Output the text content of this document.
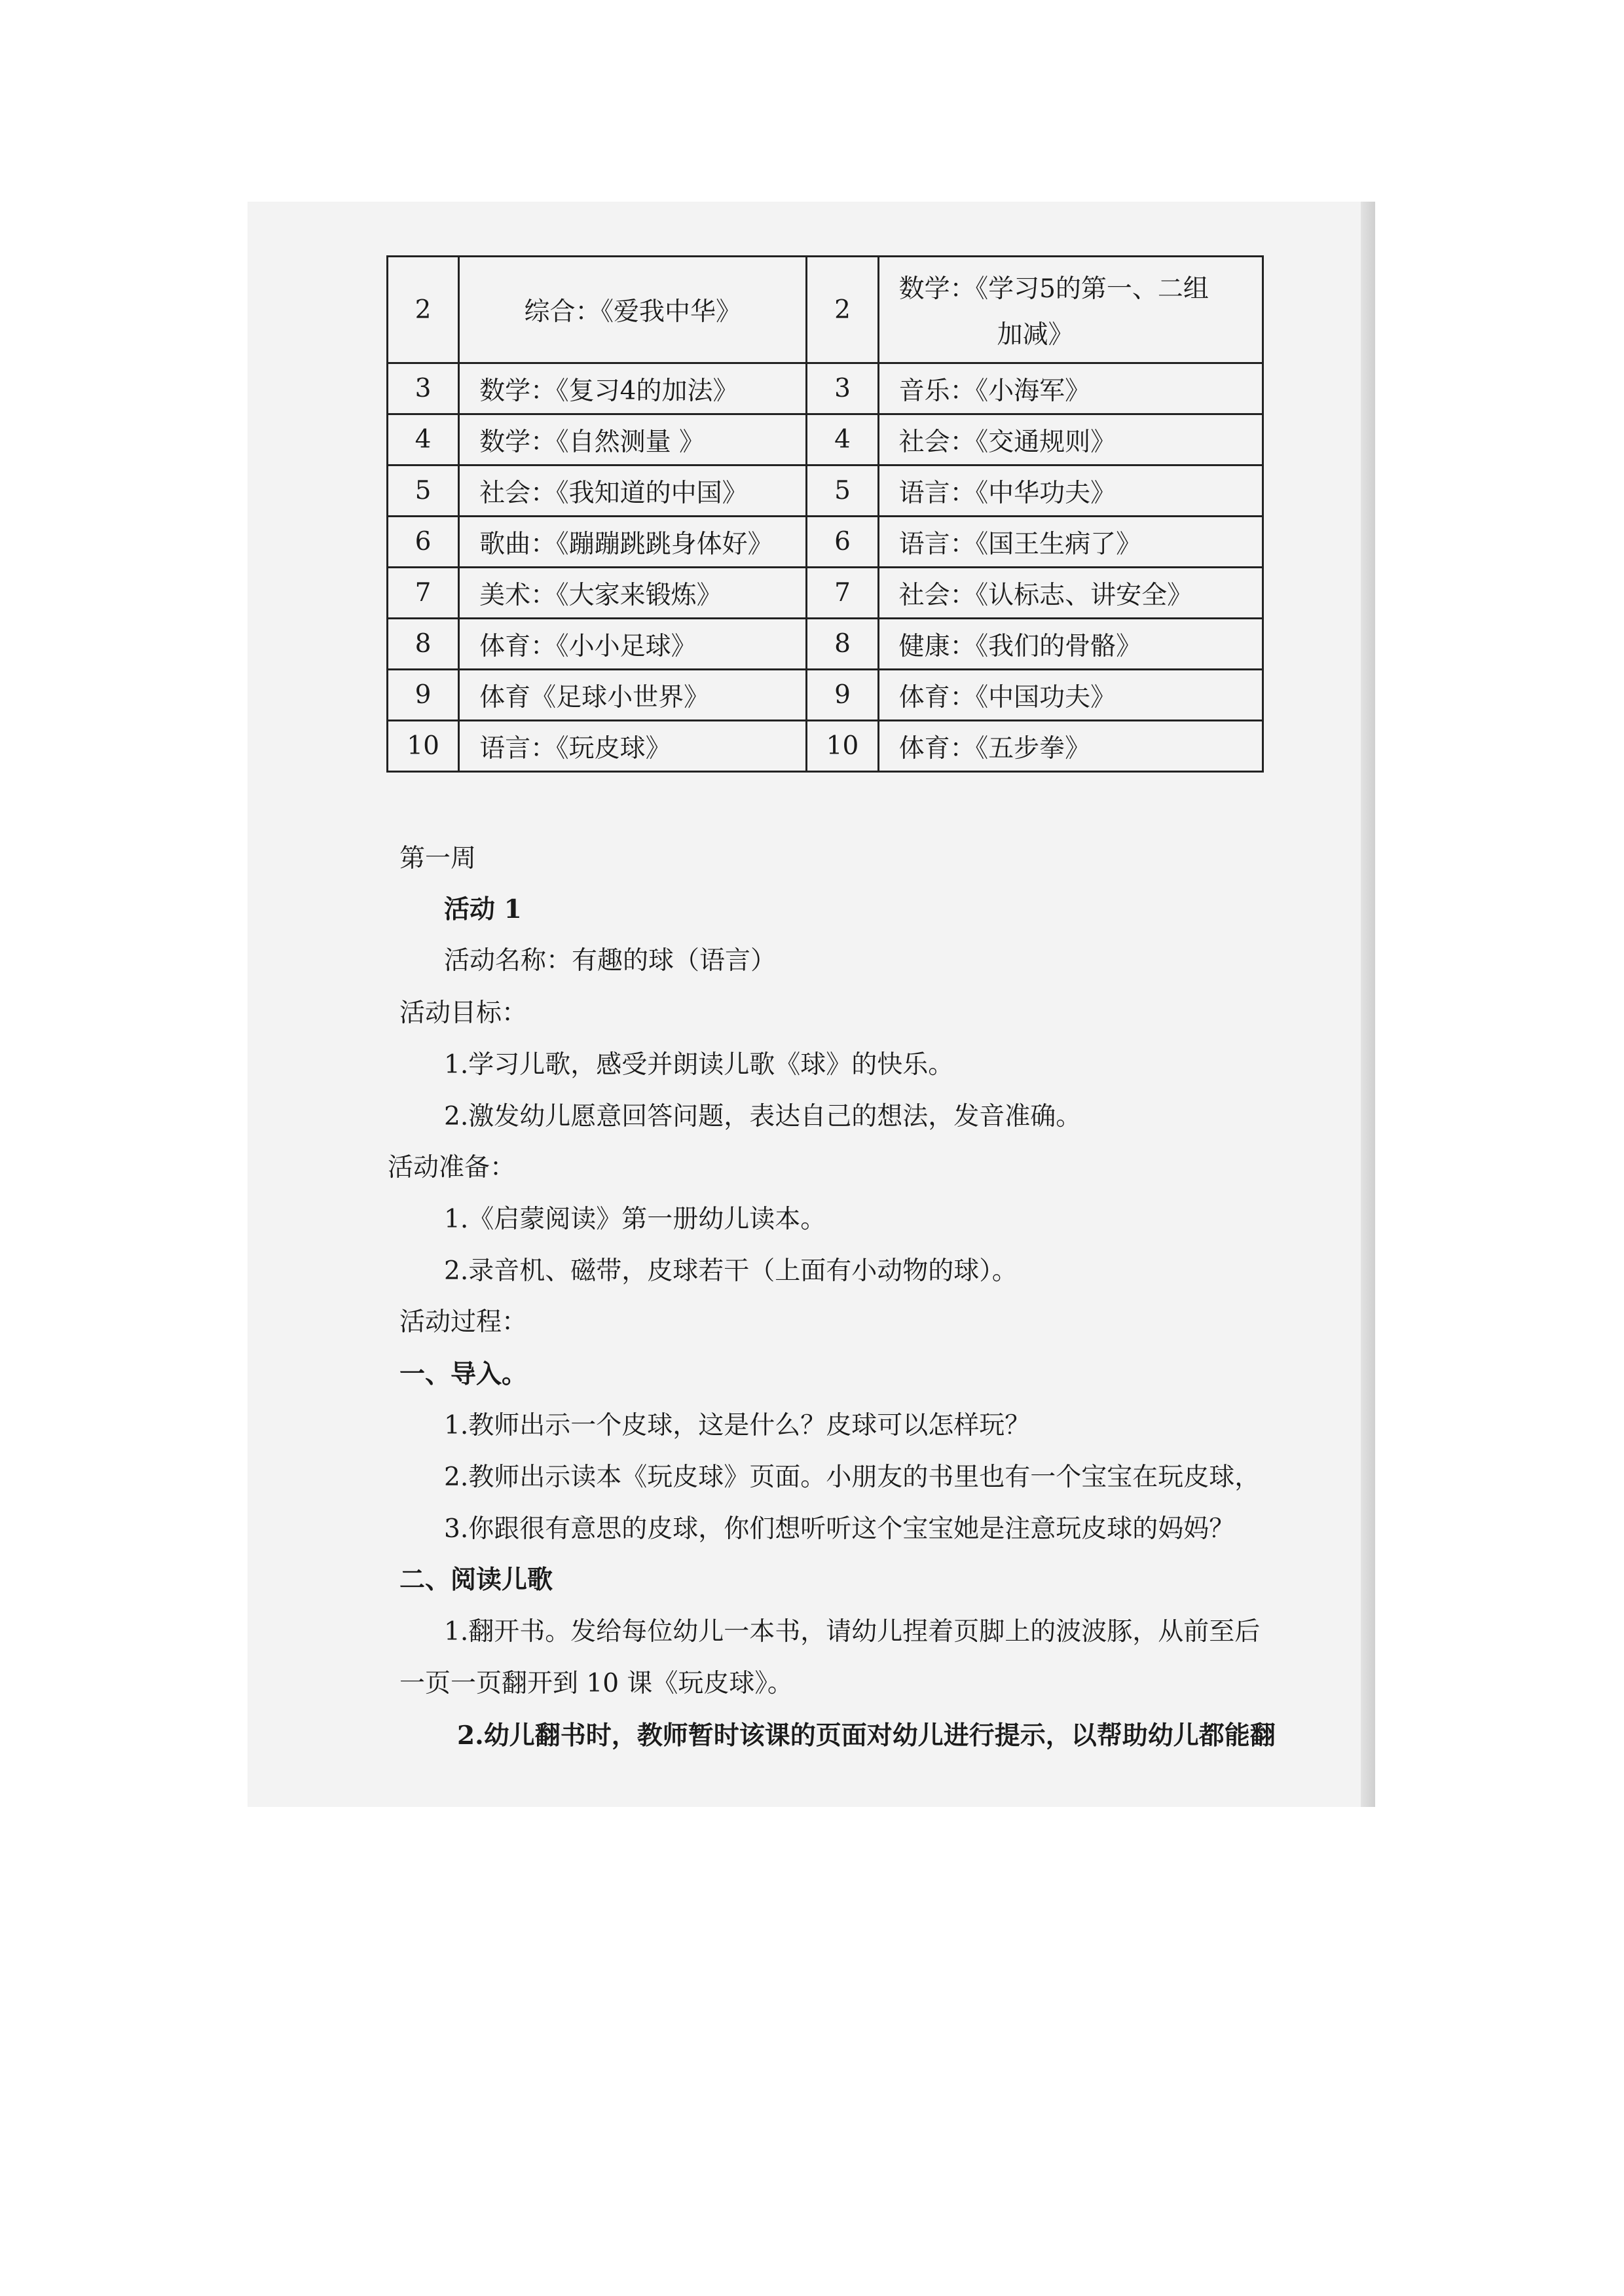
2	综合：《爱我中华》	2	数学：《学习5的第一、二组
加减》

3	数学：《复习4的加法》	3	音乐：《小海军》
4	数学：《自然测量 》	4	社会：《交通规则》
5	社会：《我知道的中国》	5	语言：《中华功夫》
6	歌曲：《蹦蹦跳跳身体好》	6	语言：《国王生病了》
7	美术：《大家来锻炼》	7	社会：《认标志、讲安全》
8	体育：《小小足球》	8	健康：《我们的骨骼》
9	体育《足球小世界》	9	体育：《中国功夫》
10	语言：《玩皮球》	10	体育：《五步拳》
第一周
活动 1
活动名称：有趣的球（语言）
活动目标：
1.学习儿歌，感受并朗读儿歌《球》的快乐。
2.激发幼儿愿意回答问题，表达自己的想法，发音准确。
活动准备：
1.《启蒙阅读》第一册幼儿读本。
2.录音机、磁带，皮球若干（上面有小动物的球）。
活动过程：
一、导入。
1.教师出示一个皮球，这是什么？皮球可以怎样玩？
2.教师出示读本《玩皮球》页面。小朋友的书里也有一个宝宝在玩皮球，
3.你跟很有意思的皮球，你们想听听这个宝宝她是注意玩皮球的妈妈？
二、阅读儿歌
1.翻开书。发给每位幼儿一本书，请幼儿捏着页脚上的波波豚，从前至后
一页一页翻开到 10 课《玩皮球》。
2.幼儿翻书时，教师暂时该课的页面对幼儿进行提示，以帮助幼儿都能翻
